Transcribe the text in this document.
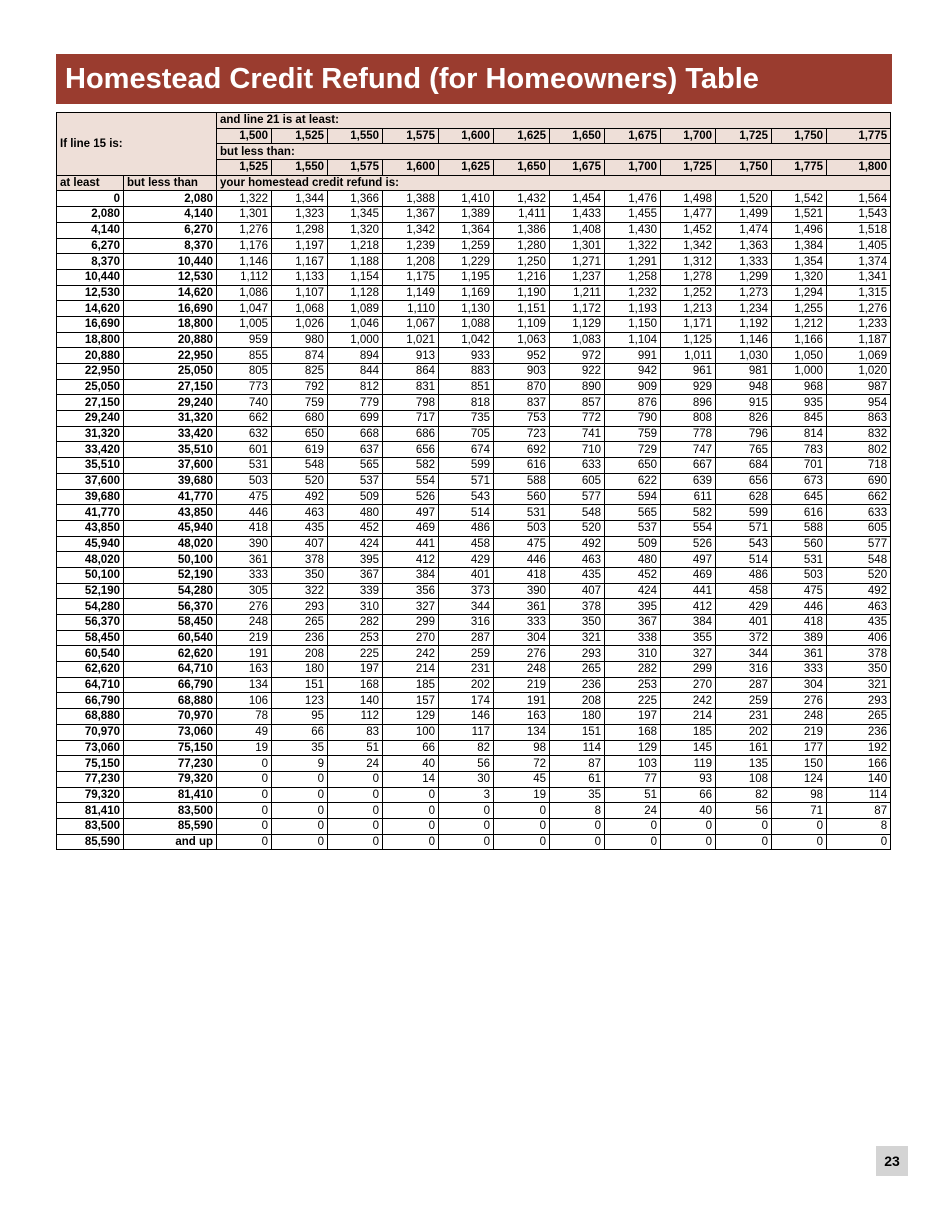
Homestead Credit Refund (for Homeowners) Table
If line 15 is:		and line 21 is at least:											
		1,500	1,525	1,550	1,575	1,600	1,625	1,650	1,675	1,700	1,725	1,750	1,775
		but less than:											
		1,525	1,550	1,575	1,600	1,625	1,650	1,675	1,700	1,725	1,750	1,775	1,800
at least	but less than	your homestead credit refund is:											
0	2,080	1,322	1,344	1,366	1,388	1,410	1,432	1,454	1,476	1,498	1,520	1,542	1,564
2,080	4,140	1,301	1,323	1,345	1,367	1,389	1,411	1,433	1,455	1,477	1,499	1,521	1,543
4,140	6,270	1,276	1,298	1,320	1,342	1,364	1,386	1,408	1,430	1,452	1,474	1,496	1,518
6,270	8,370	1,176	1,197	1,218	1,239	1,259	1,280	1,301	1,322	1,342	1,363	1,384	1,405
8,370	10,440	1,146	1,167	1,188	1,208	1,229	1,250	1,271	1,291	1,312	1,333	1,354	1,374
10,440	12,530	1,112	1,133	1,154	1,175	1,195	1,216	1,237	1,258	1,278	1,299	1,320	1,341
12,530	14,620	1,086	1,107	1,128	1,149	1,169	1,190	1,211	1,232	1,252	1,273	1,294	1,315
14,620	16,690	1,047	1,068	1,089	1,110	1,130	1,151	1,172	1,193	1,213	1,234	1,255	1,276
16,690	18,800	1,005	1,026	1,046	1,067	1,088	1,109	1,129	1,150	1,171	1,192	1,212	1,233
18,800	20,880	959	980	1,000	1,021	1,042	1,063	1,083	1,104	1,125	1,146	1,166	1,187
20,880	22,950	855	874	894	913	933	952	972	991	1,011	1,030	1,050	1,069
22,950	25,050	805	825	844	864	883	903	922	942	961	981	1,000	1,020
25,050	27,150	773	792	812	831	851	870	890	909	929	948	968	987
27,150	29,240	740	759	779	798	818	837	857	876	896	915	935	954
29,240	31,320	662	680	699	717	735	753	772	790	808	826	845	863
31,320	33,420	632	650	668	686	705	723	741	759	778	796	814	832
33,420	35,510	601	619	637	656	674	692	710	729	747	765	783	802
35,510	37,600	531	548	565	582	599	616	633	650	667	684	701	718
37,600	39,680	503	520	537	554	571	588	605	622	639	656	673	690
39,680	41,770	475	492	509	526	543	560	577	594	611	628	645	662
41,770	43,850	446	463	480	497	514	531	548	565	582	599	616	633
43,850	45,940	418	435	452	469	486	503	520	537	554	571	588	605
45,940	48,020	390	407	424	441	458	475	492	509	526	543	560	577
48,020	50,100	361	378	395	412	429	446	463	480	497	514	531	548
50,100	52,190	333	350	367	384	401	418	435	452	469	486	503	520
52,190	54,280	305	322	339	356	373	390	407	424	441	458	475	492
54,280	56,370	276	293	310	327	344	361	378	395	412	429	446	463
56,370	58,450	248	265	282	299	316	333	350	367	384	401	418	435
58,450	60,540	219	236	253	270	287	304	321	338	355	372	389	406
60,540	62,620	191	208	225	242	259	276	293	310	327	344	361	378
62,620	64,710	163	180	197	214	231	248	265	282	299	316	333	350
64,710	66,790	134	151	168	185	202	219	236	253	270	287	304	321
66,790	68,880	106	123	140	157	174	191	208	225	242	259	276	293
68,880	70,970	78	95	112	129	146	163	180	197	214	231	248	265
70,970	73,060	49	66	83	100	117	134	151	168	185	202	219	236
73,060	75,150	19	35	51	66	82	98	114	129	145	161	177	192
75,150	77,230	0	9	24	40	56	72	87	103	119	135	150	166
77,230	79,320	0	0	0	14	30	45	61	77	93	108	124	140
79,320	81,410	0	0	0	0	3	19	35	51	66	82	98	114
81,410	83,500	0	0	0	0	0	0	8	24	40	56	71	87
83,500	85,590	0	0	0	0	0	0	0	0	0	0	0	8
85,590	and up	0	0	0	0	0	0	0	0	0	0	0	0
23
